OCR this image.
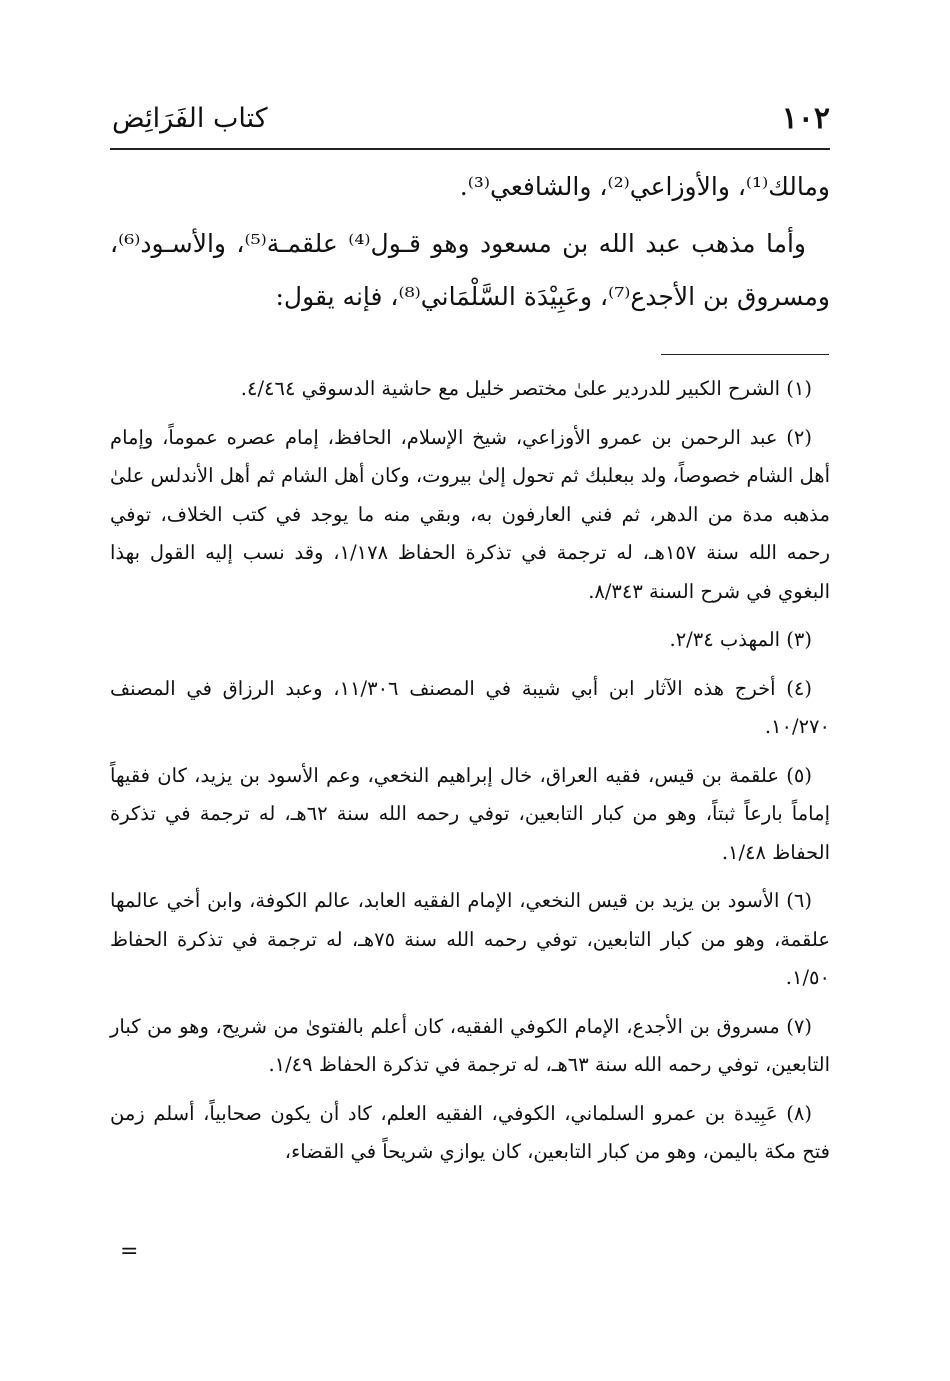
١٠٢
كتاب الفَرَائِض

ومالك⁽¹⁾، والأوزاعي⁽²⁾، والشافعي⁽³⁾.

وأما مذهب عبد الله بن مسعود وهو قـول⁽⁴⁾ علقمـة⁽⁵⁾، والأسـود⁽⁶⁾، ومسروق بن الأجدع⁽⁷⁾، وعَبِيْدَة السَّلْمَاني⁽⁸⁾، فإنه يقول:

(١) الشرح الكبير للدردير علىٰ مختصر خليل مع حاشية الدسوقي ٤/٤٦٤.

(٢) عبد الرحمن بن عمرو الأوزاعي، شيخ الإسلام، الحافظ، إمام عصره عموماً، وإمام أهل الشام خصوصاً، ولد ببعلبك ثم تحول إلىٰ بيروت، وكان أهل الشام ثم أهل الأندلس علىٰ مذهبه مدة من الدهر، ثم فني العارفون به، وبقي منه ما يوجد في كتب الخلاف، توفي رحمه الله سنة ١٥٧هـ، له ترجمة في تذكرة الحفاظ ١/١٧٨، وقد نسب إليه القول بهذا البغوي في شرح السنة ٨/٣٤٣.

(٣) المهذب ٢/٣٤.

(٤) أخرج هذه الآثار ابن أبي شيبة في المصنف ١١/٣٠٦، وعبد الرزاق في المصنف ١٠/٢٧٠.

(٥) علقمة بن قيس، فقيه العراق، خال إبراهيم النخعي، وعم الأسود بن يزيد، كان فقيهاً إماماً بارعاً ثبتاً، وهو من كبار التابعين، توفي رحمه الله سنة ٦٢هـ، له ترجمة في تذكرة الحفاظ ١/٤٨.

(٦) الأسود بن يزيد بن قيس النخعي، الإمام الفقيه العابد، عالم الكوفة، وابن أخي عالمها علقمة، وهو من كبار التابعين، توفي رحمه الله سنة ٧٥هـ، له ترجمة في تذكرة الحفاظ ١/٥٠.

(٧) مسروق بن الأجدع، الإمام الكوفي الفقيه، كان أعلم بالفتوىٰ من شريح، وهو من كبار التابعين، توفي رحمه الله سنة ٦٣هـ، له ترجمة في تذكرة الحفاظ ١/٤٩.

(٨) عَبِيدة بن عمرو السلماني، الكوفي، الفقيه العلم، كاد أن يكون صحابياً، أسلم زمن فتح مكة باليمن، وهو من كبار التابعين، كان يوازي شريحاً في القضاء،

=
